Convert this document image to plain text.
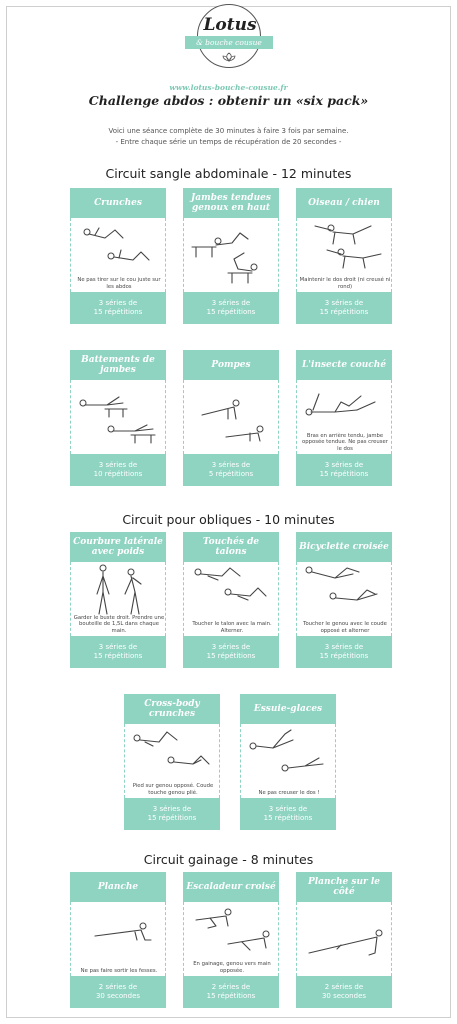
Lotus
& bouche cousue
www.lotus-bouche-cousue.fr
Challenge abdos : obtenir un «six pack»
Voici une séance complète de 30 minutes à faire 3 fois par semaine.
- Entre chaque série un temps de récupération de 20 secondes -
Circuit sangle abdominale - 12 minutes
Crunches
Ne pas tirer sur le cou juste sur les abdos
3 séries de
15 répétitions
Jambes tendues genoux en haut
3 séries de
15 répétitions
Oiseau / chien
Maintenir le dos droit (ni creusé ni rond)
3 séries de
15 répétitions
Battements de jambes
3 séries de
10 répétitions
Pompes
3 séries de
5 répétitions
L'insecte couché
Bras en arrière tendu, jambe opposée tendue. Ne pas creuser le dos
3 séries de
15 répétitions
Circuit pour obliques - 10 minutes
Courbure latérale avec poids
Garder le buste droit. Prendre une bouteille de 1,5L dans chaque main.
3 séries de
15 répétitions
Touchés de talons
Toucher le talon avec la main. Alterner.
3 séries de
15 répétitions
Bicyclette croisée
Toucher le genou avec le coude opposé et alterner
3 séries de
15 répétitions
Cross-body crunches
Pied sur genou opposé. Coude touche genou plié.
3 séries de
15 répétitions
Essuie-glaces
Ne pas creuser le dos !
3 séries de
15 répétitions
Circuit gainage - 8 minutes
Planche
Ne pas faire sortir les fesses.
2 séries de
30 secondes
Escaladeur croisé
En gainage, genou vers main opposée.
2 séries de
15 répétitions
Planche sur le côté
2 séries de
30 secondes
